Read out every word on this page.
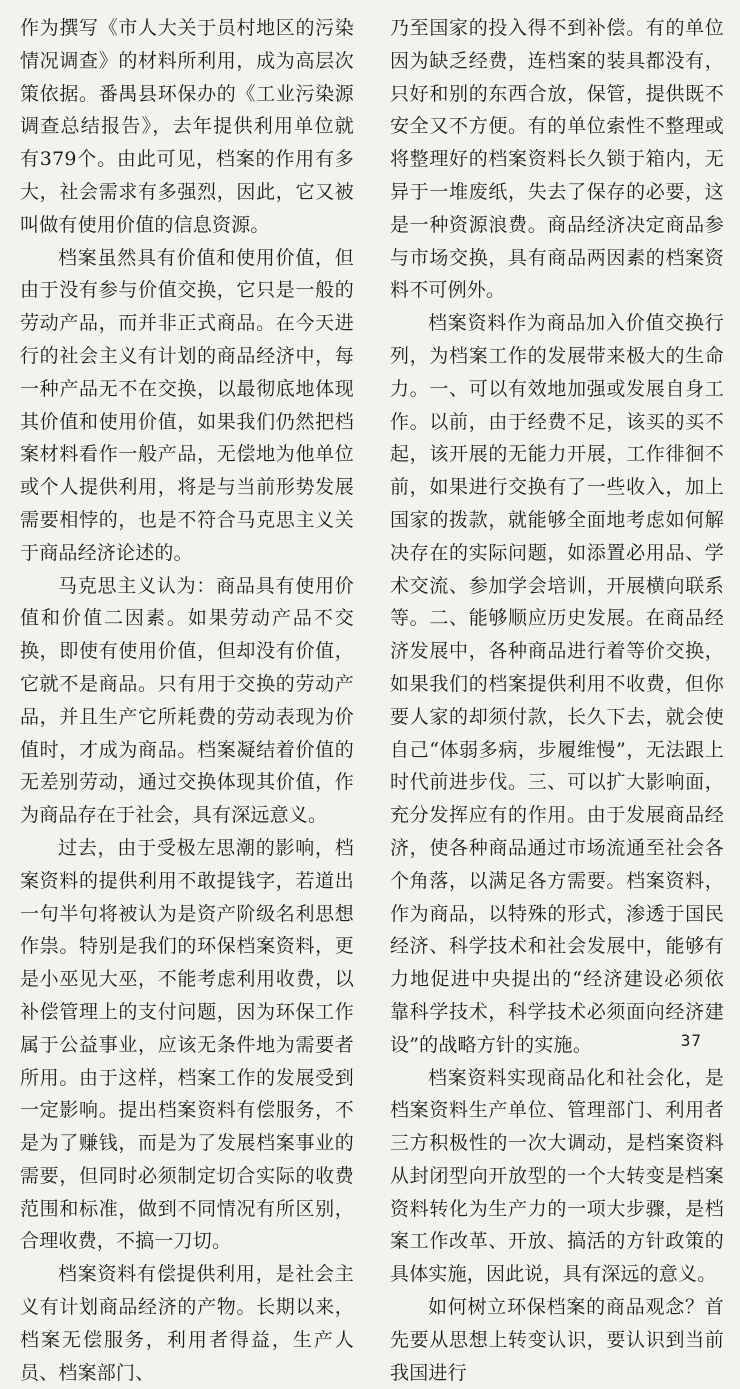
作为撰写《市人大关于员村地区的污染情况调查》的材料所利用，成为高层次策依据。番禺县环保办的《工业污染源调查总结报告》，去年提供利用单位就有379个。由此可见，档案的作用有多大，社会需求有多强烈，因此，它又被叫做有使用价值的信息资源。

档案虽然具有价值和使用价值，但由于没有参与价值交换，它只是一般的劳动产品，而并非正式商品。在今天进行的社会主义有计划的商品经济中，每一种产品无不在交换，以最彻底地体现其价值和使用价值，如果我们仍然把档案材料看作一般产品，无偿地为他单位或个人提供利用，将是与当前形势发展需要相悖的，也是不符合马克思主义关于商品经济论述的。

马克思主义认为：商品具有使用价值和价值二因素。如果劳动产品不交换，即使有使用价值，但却没有价值，它就不是商品。只有用于交换的劳动产品，并且生产它所耗费的劳动表现为价值时，才成为商品。档案凝结着价值的无差别劳动，通过交换体现其价值，作为商品存在于社会，具有深远意义。

过去，由于受极左思潮的影响，档案资料的提供利用不敢提钱字，若道出一句半句将被认为是资产阶级名利思想作祟。特别是我们的环保档案资料，更是小巫见大巫，不能考虑利用收费，以补偿管理上的支付问题，因为环保工作属于公益事业，应该无条件地为需要者所用。由于这样，档案工作的发展受到一定影响。提出档案资料有偿服务，不是为了赚钱，而是为了发展档案事业的需要，但同时必须制定切合实际的收费范围和标准，做到不同情况有所区别，合理收费，不搞一刀切。

档案资料有偿提供利用，是社会主义有计划商品经济的产物。长期以来，档案无偿服务，利用者得益，生产人员、档案部门、

乃至国家的投入得不到补偿。有的单位因为缺乏经费，连档案的装具都没有，只好和别的东西合放，保管，提供既不安全又不方便。有的单位索性不整理或将整理好的档案资料长久锁于箱内，无异于一堆废纸，失去了保存的必要，这是一种资源浪费。商品经济决定商品参与市场交换，具有商品两因素的档案资料不可例外。

档案资料作为商品加入价值交换行列，为档案工作的发展带来极大的生命力。一、可以有效地加强或发展自身工作。以前，由于经费不足，该买的买不起，该开展的无能力开展，工作徘徊不前，如果进行交换有了一些收入，加上国家的拨款，就能够全面地考虑如何解决存在的实际问题，如添置必用品、学术交流、参加学会培训，开展横向联系等。二、能够顺应历史发展。在商品经济发展中，各种商品进行着等价交换，如果我们的档案提供利用不收费，但你要人家的却须付款，长久下去，就会使自己“体弱多病，步履维慢”，无法跟上时代前进步伐。三、可以扩大影响面，充分发挥应有的作用。由于发展商品经济，使各种商品通过市场流通至社会各个角落，以满足各方需要。档案资料，作为商品，以特殊的形式，渗透于国民经济、科学技术和社会发展中，能够有力地促进中央提出的“经济建设必须依靠科学技术，科学技术必须面向经济建设”的战略方针的实施。

档案资料实现商品化和社会化，是档案资料生产单位、管理部门、利用者三方积极性的一次大调动，是档案资料从封闭型向开放型的一个大转变是档案资料转化为生产力的一项大步骤，是档案工作改革、开放、搞活的方针政策的具体实施，因此说，具有深远的意义。

如何树立环保档案的商品观念？首先要从思想上转变认识，要认识到当前我国进行

37
